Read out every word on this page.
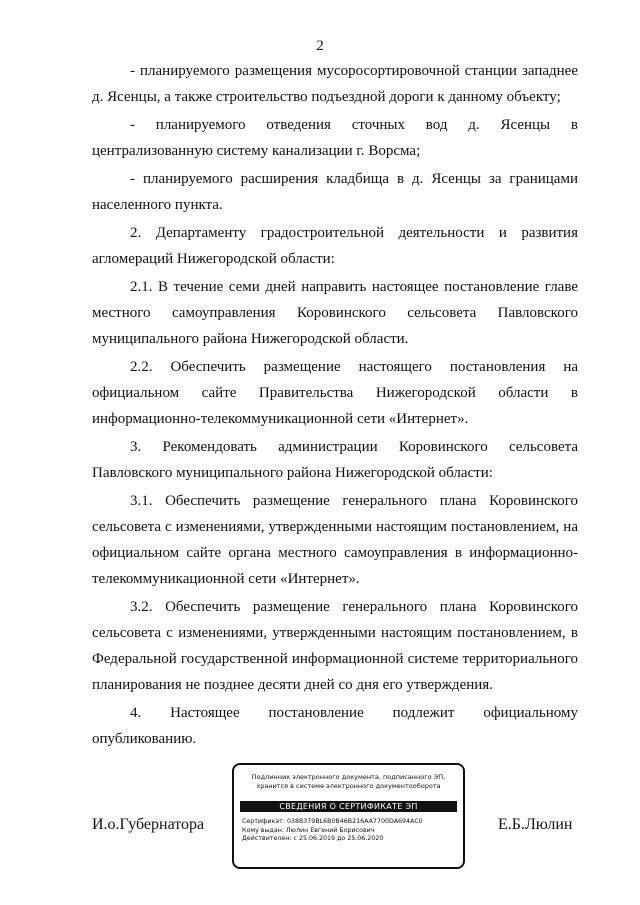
2

- планируемого размещения мусоросортировочной станции западнее д. Ясенцы, а также строительство подъездной дороги к данному объекту;

- планируемого отведения сточных вод д. Ясенцы в централизованную систему канализации г. Ворсма;

- планируемого расширения кладбища в д. Ясенцы за границами населенного пункта.

2. Департаменту градостроительной деятельности и развития агломераций Нижегородской области:

2.1. В течение семи дней направить настоящее постановление главе местного самоуправления Коровинского сельсовета Павловского муниципального района Нижегородской области.

2.2. Обеспечить размещение настоящего постановления на официальном сайте Правительства Нижегородской области в информационно-телекоммуникационной сети «Интернет».

3. Рекомендовать администрации Коровинского сельсовета Павловского муниципального района Нижегородской области:

3.1. Обеспечить размещение генерального плана Коровинского сельсовета с изменениями, утвержденными настоящим постановлением, на официальном сайте органа местного самоуправления в информационно-телекоммуникационной сети «Интернет».

3.2. Обеспечить размещение генерального плана Коровинского сельсовета с изменениями, утвержденными настоящим постановлением, в Федеральной государственной информационной системе территориального планирования не позднее десяти дней со дня его утверждения.

4. Настоящее постановление подлежит официальному опубликованию.

И.о.Губернатора
Подлинник электронного документа, подписанного ЭП, хранится в системе электронного документооборота
СВЕДЕНИЯ О СЕРТИФИКАТЕ ЭП
Сертификат: 038B379BL6B0B46B216AA7700DA694AC0
Кому выдан: Люлин Евгений Борисович
Действителен: с 25.06.2019 до 25.06.2020
Е.Б.Люлин
